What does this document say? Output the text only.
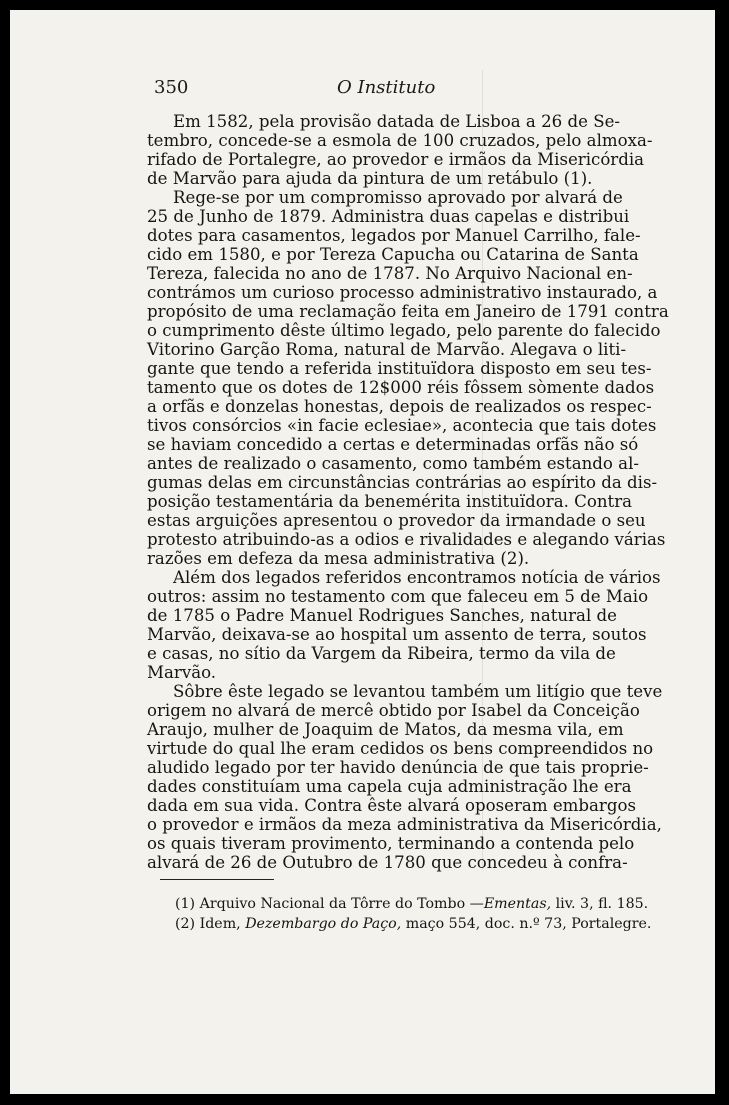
350	O Instituto
Em 1582, pela provisão datada de Lisboa a 26 de Se-
tembro, concede-se a esmola de 100 cruzados, pelo almoxa-
rifado de Portalegre, ao provedor e irmãos da Misericórdia
de Marvão para ajuda da pintura de um retábulo (1).
Rege-se por um compromisso aprovado por alvará de
25 de Junho de 1879. Administra duas capelas e distribui
dotes para casamentos, legados por Manuel Carrilho, fale-
cido em 1580, e por Tereza Capucha ou Catarina de Santa
Tereza, falecida no ano de 1787. No Arquivo Nacional en-
contrámos um curioso processo administrativo instaurado, a
propósito de uma reclamação feita em Janeiro de 1791 contra
o cumprimento dêste último legado, pelo parente do falecido
Vitorino Garção Roma, natural de Marvão. Alegava o liti-
gante que tendo a referida instituïdora disposto em seu tes-
tamento que os dotes de 12$000 réis fôssem sòmente dados
a orfãs e donzelas honestas, depois de realizados os respec-
tivos consórcios «in facie eclesiae», acontecia que tais dotes
se haviam concedido a certas e determinadas orfãs não só
antes de realizado o casamento, como também estando al-
gumas delas em circunstâncias contrárias ao espírito da dis-
posição testamentária da benemérita instituïdora. Contra
estas arguições apresentou o provedor da irmandade o seu
protesto atribuindo-as a odios e rivalidades e alegando várias
razões em defeza da mesa administrativa (2).
Além dos legados referidos encontramos notícia de vários
outros: assim no testamento com que faleceu em 5 de Maio
de 1785 o Padre Manuel Rodrigues Sanches, natural de
Marvão, deixava-se ao hospital um assento de terra, soutos
e casas, no sítio da Vargem da Ribeira, termo da vila de
Marvão.
Sôbre êste legado se levantou também um litígio que teve
origem no alvará de mercê obtido por Isabel da Conceição
Araujo, mulher de Joaquim de Matos, da mesma vila, em
virtude do qual lhe eram cedidos os bens compreendidos no
aludido legado por ter havido denúncia de que tais proprie-
dades constituíam uma capela cuja administração lhe era
dada em sua vida. Contra êste alvará oposeram embargos
o provedor e irmãos da meza administrativa da Misericórdia,
os quais tiveram provimento, terminando a contenda pelo
alvará de 26 de Outubro de 1780 que concedeu à confra-
(1) Arquivo Nacional da Tôrre do Tombo —Ementas, liv. 3, fl. 185.
(2) Idem, Dezembargo do Paço, maço 554, doc. n.º 73, Portalegre.
